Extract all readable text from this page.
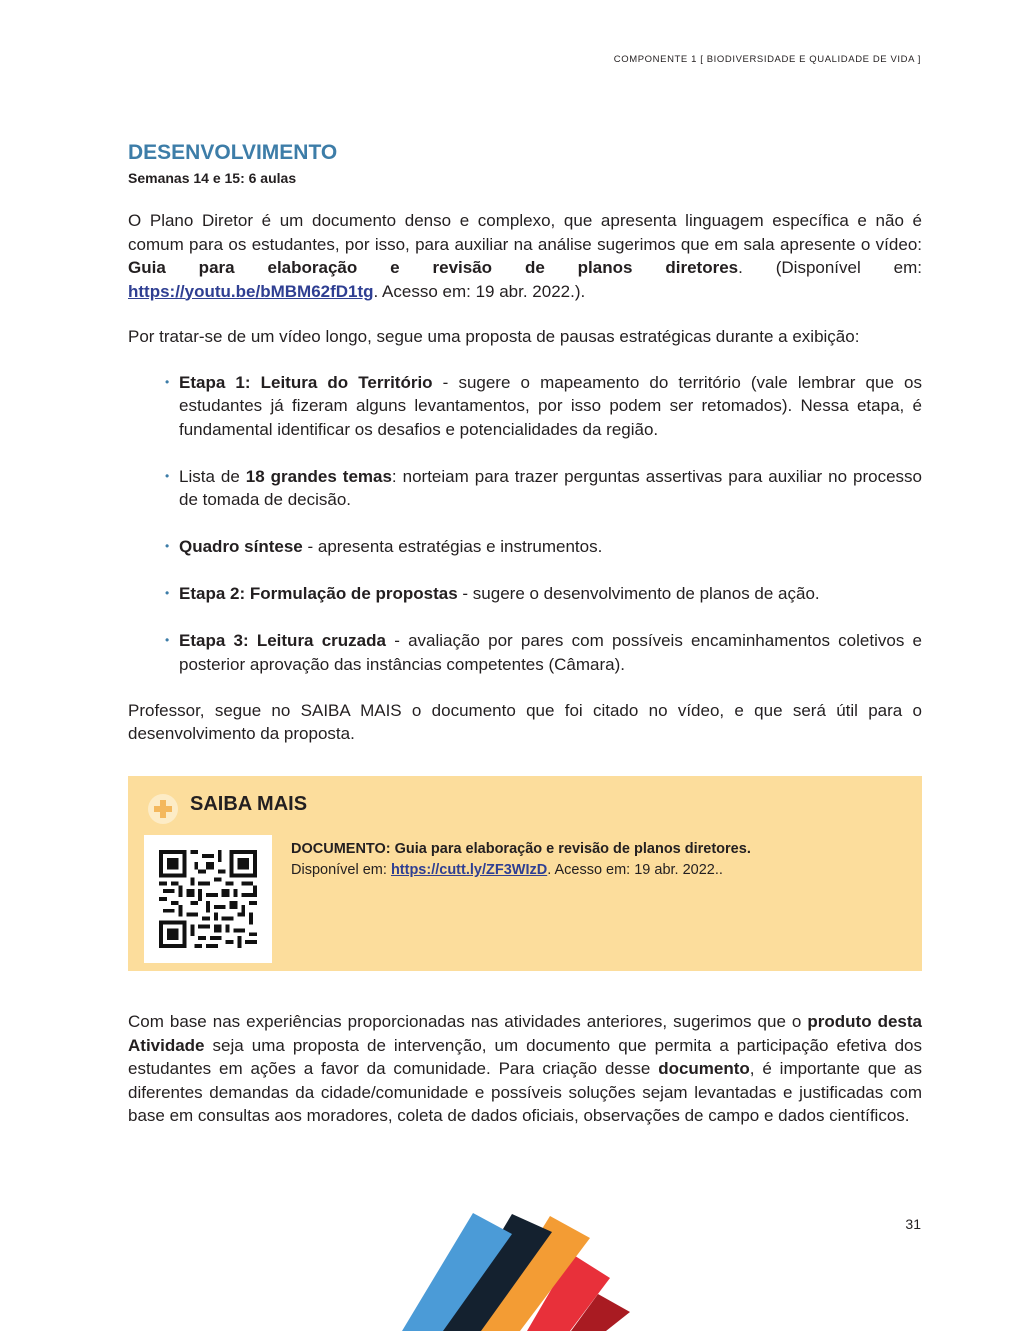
COMPONENTE 1 [ BIODIVERSIDADE E QUALIDADE DE VIDA ]
DESENVOLVIMENTO
Semanas 14 e 15: 6 aulas

O Plano Diretor é um documento denso e complexo, que apresenta linguagem específica e não é comum para os estudantes, por isso, para auxiliar na análise sugerimos que em sala apresente o vídeo: Guia para elaboração e revisão de planos diretores. (Disponível em: https://youtu.be/bMBM62fD1tg. Acesso em: 19 abr. 2022.).

Por tratar-se de um vídeo longo, segue uma proposta de pausas estratégicas durante a exibição:

• Etapa 1: Leitura do Território - sugere o mapeamento do território (vale lembrar que os estudantes já fizeram alguns levantamentos, por isso podem ser retomados). Nessa etapa, é fundamental identificar os desafios e potencialidades da região.
• Lista de 18 grandes temas: norteiam para trazer perguntas assertivas para auxiliar no processo de tomada de decisão.
• Quadro síntese - apresenta estratégias e instrumentos.
• Etapa 2: Formulação de propostas - sugere o desenvolvimento de planos de ação.
• Etapa 3: Leitura cruzada - avaliação por pares com possíveis encaminhamentos coletivos e posterior aprovação das instâncias competentes (Câmara).

Professor, segue no SAIBA MAIS o documento que foi citado no vídeo, e que será útil para o desenvolvimento da proposta.

SAIBA MAIS
DOCUMENTO: Guia para elaboração e revisão de planos diretores.
Disponível em: https://cutt.ly/ZF3WIzD. Acesso em: 19 abr. 2022..

Com base nas experiências proporcionadas nas atividades anteriores, sugerimos que o produto desta Atividade seja uma proposta de intervenção, um documento que permita a participação efetiva dos estudantes em ações a favor da comunidade. Para criação desse documento, é importante que as diferentes demandas da cidade/comunidade e possíveis soluções sejam levantadas e justificadas com base em consultas aos moradores, coleta de dados oficiais, observações de campo e dados científicos.

31
